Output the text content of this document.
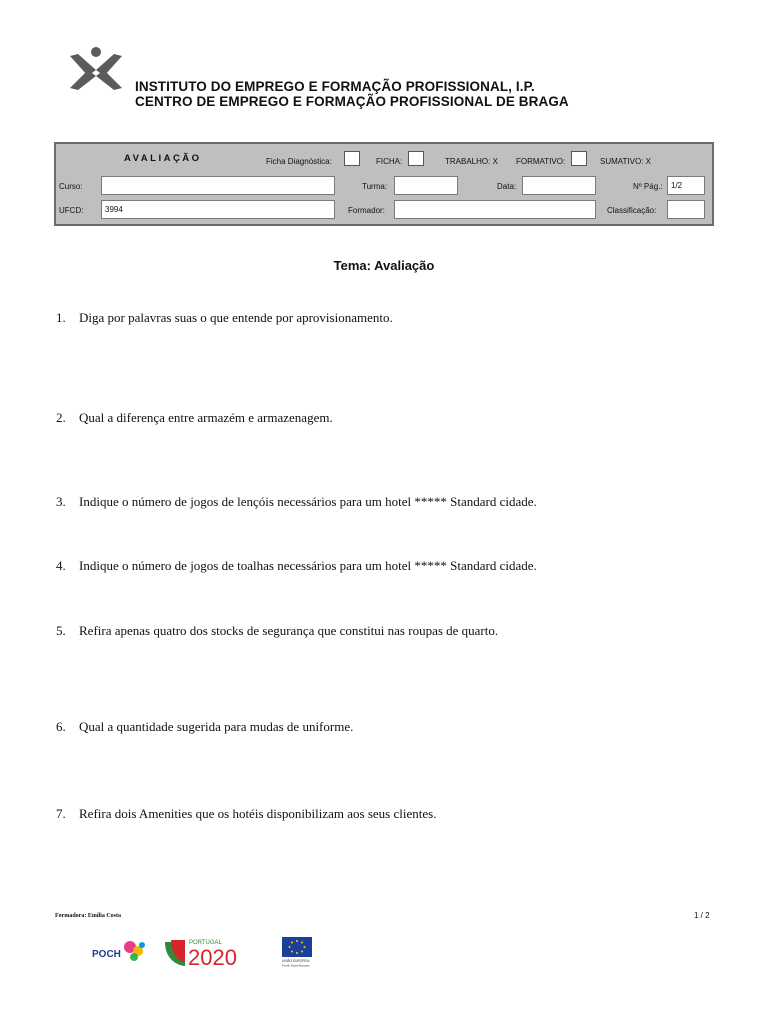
INSTITUTO DO EMPREGO E FORMAÇÃO PROFISSIONAL, I.P.
CENTRO DE EMPREGO E FORMAÇÃO PROFISSIONAL DE BRAGA
AVALIAÇÃO	Ficha Diagnóstica:	FICHA:	TRABALHO: X FORMATIVO:	SUMATIVO: X
Curso:	Turma:	Data:	Nº Pág.:	1/2
UFCD:	3994	Formador:	Classificação:
Tema: Avaliação
1. Diga por palavras suas o que entende por aprovisionamento.
2. Qual a diferença entre armazém e armazenagem.
3. Indique o número de jogos de lençóis necessários para um hotel ***** Standard cidade.
4. Indique o número de jogos de toalhas necessários para um hotel ***** Standard cidade.
5. Refira apenas quatro dos stocks de segurança que constitui nas roupas de quarto.
6. Qual a quantidade sugerida para mudas de uniforme.
7. Refira dois Amenities que os hotéis disponibilizam aos seus clientes.
Formadora: Emília Costa	1 / 2
POCH
PORTUGAL
2020	UNIÃO EUROPEIA
Fundo Social Europeu
